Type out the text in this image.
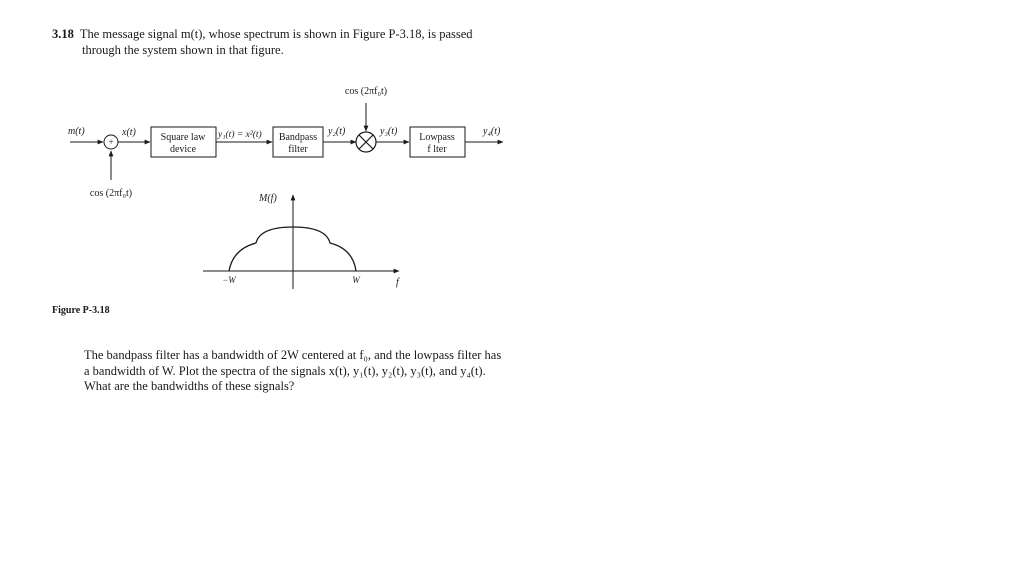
3.18 The message signal m(t), whose spectrum is shown in Figure P-3.18, is passed
through the system shown in that figure.
+	Square law
device
Bandpass
filter
Lowpass
f lter
m(t)	x(t)	y₁(t) = x²(t)	y₂(t)	y₃(t)	y₄(t)
cos (2πf₀t)
cos (2πf₀t)	M(f)
f
−W	W
Figure P-3.18
The bandpass filter has a bandwidth of 2W centered at f₀, and the lowpass filter has
a bandwidth of W. Plot the spectra of the signals x(t), y₁(t), y₂(t), y₃(t), and y₄(t).
What are the bandwidths of these signals?
